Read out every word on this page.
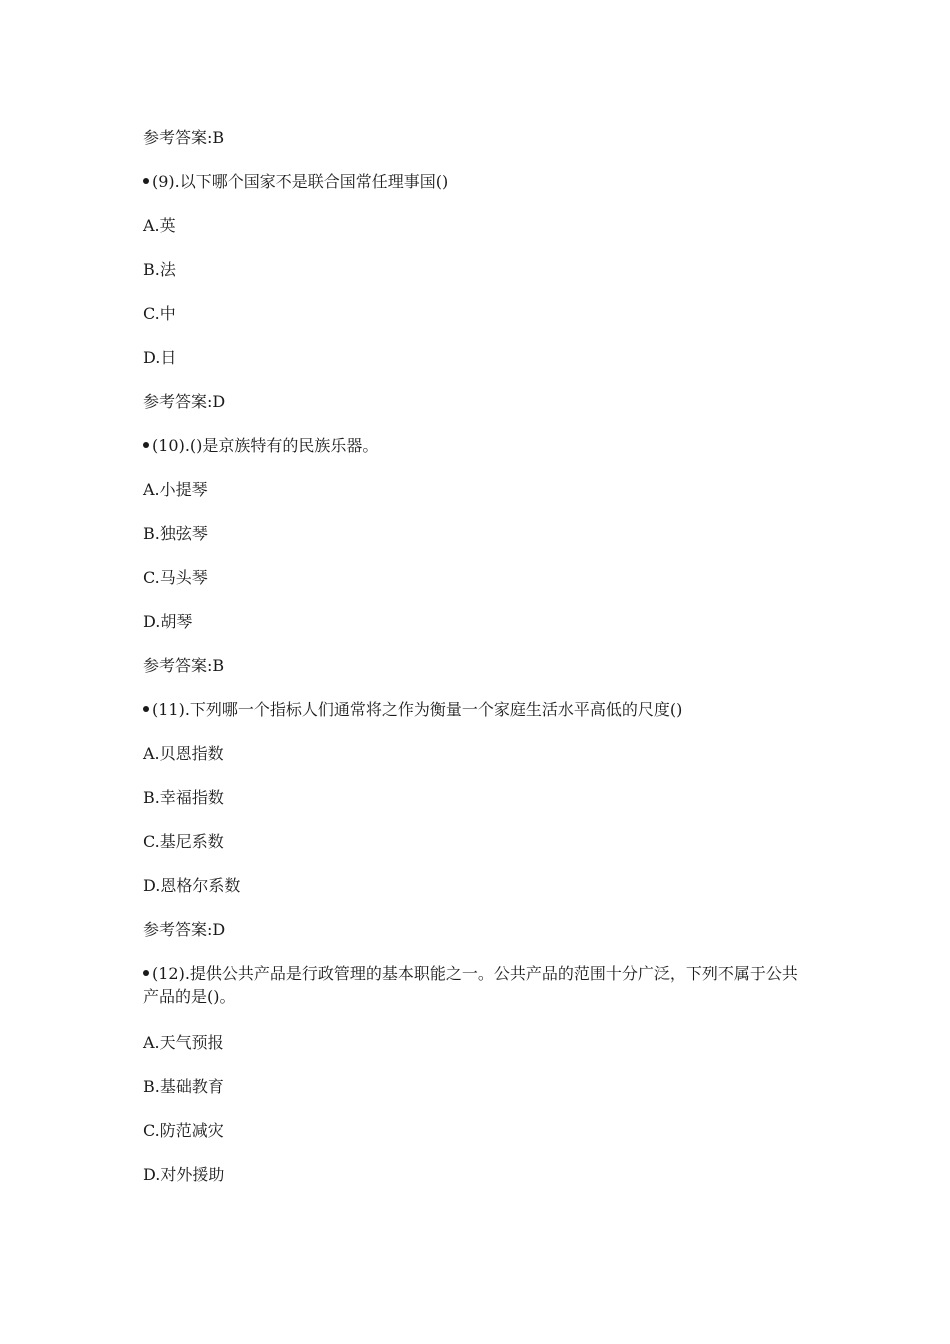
参考答案:B
(9).以下哪个国家不是联合国常任理事国()
A.英
B.法
C.中
D.日
参考答案:D
(10).()是京族特有的民族乐器。
A.小提琴
B.独弦琴
C.马头琴
D.胡琴
参考答案:B
(11).下列哪一个指标人们通常将之作为衡量一个家庭生活水平高低的尺度()
A.贝恩指数
B.幸福指数
C.基尼系数
D.恩格尔系数
参考答案:D
(12).提供公共产品是行政管理的基本职能之一。公共产品的范围十分广泛，下列不属于公共产品的是()。
A.天气预报
B.基础教育
C.防范减灾
D.对外援助
